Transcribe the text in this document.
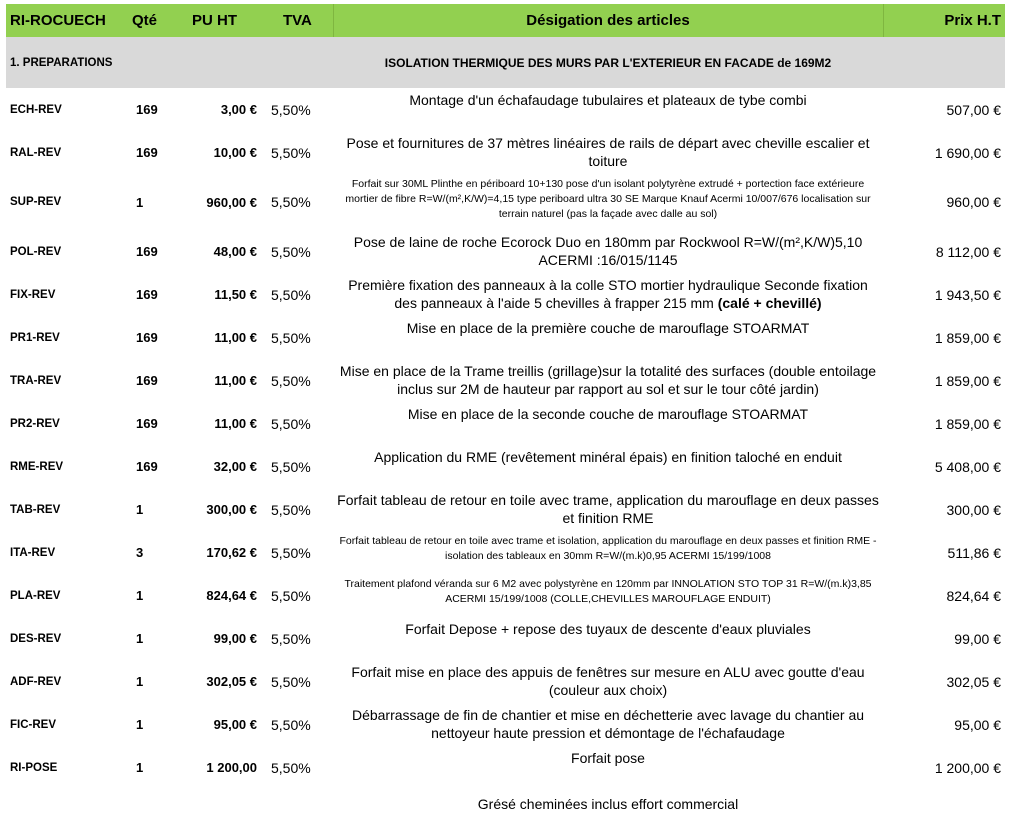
RI-ROCUECH	Qté	PU HT	TVA	Désigation des articles	Prix H.T
1. PREPARATIONS				ISOLATION THERMIQUE DES MURS PAR L'EXTERIEUR EN FACADE de 169M2	
ECH-REV	169	3,00 €	5,50%	Montage d'un échafaudage tubulaires et plateaux de tybe combi	507,00 €
RAL-REV	169	10,00 €	5,50%	Pose et fournitures de 37 mètres linéaires de rails de départ avec cheville escalier et toiture	1 690,00 €
SUP-REV	1	960,00 €	5,50%	Forfait sur 30ML Plinthe en périboard 10+130 pose d'un isolant polytyrène extrudé + portection face extérieure mortier de fibre R=W/(m²,K/W)=4,15 type periboard ultra 30 SE Marque Knauf Acermi 10/007/676 localisation sur terrain naturel (pas la façade avec dalle au sol)	960,00 €
POL-REV	169	48,00 €	5,50%	Pose de laine de roche Ecorock Duo en 180mm par Rockwool R=W/(m²,K/W)5,10 ACERMI :16/015/1145	8 112,00 €
FIX-REV	169	11,50 €	5,50%	Première fixation des panneaux à la colle STO mortier hydraulique Seconde fixation des panneaux à l'aide 5 chevilles à frapper 215 mm (calé + chevillé)	1 943,50 €
PR1-REV	169	11,00 €	5,50%	Mise en place de la première couche de marouflage STOARMAT	1 859,00 €
TRA-REV	169	11,00 €	5,50%	Mise en place de la Trame treillis (grillage)sur la totalité des surfaces (double entoilage inclus sur 2M de hauteur par rapport au sol et sur le tour côté jardin)	1 859,00 €
PR2-REV	169	11,00 €	5,50%	Mise en place de la seconde couche de marouflage STOARMAT	1 859,00 €
RME-REV	169	32,00 €	5,50%	Application du RME (revêtement minéral épais) en finition taloché en enduit	5 408,00 €
TAB-REV	1	300,00 €	5,50%	Forfait tableau de retour en toile avec trame, application du marouflage en deux passes et finition RME	300,00 €
ITA-REV	3	170,62 €	5,50%	Forfait tableau de retour en toile avec trame et isolation, application du marouflage en deux passes et finition RME - isolation des tableaux en 30mm R=W/(m.k)0,95 ACERMI 15/199/1008	511,86 €
PLA-REV	1	824,64 €	5,50%	Traitement plafond véranda sur 6 M2 avec polystyrène en 120mm par INNOLATION STO TOP 31 R=W/(m.k)3,85 ACERMI 15/199/1008 (COLLE,CHEVILLES MAROUFLAGE ENDUIT)	824,64 €
DES-REV	1	99,00 €	5,50%	Forfait Depose + repose des tuyaux de descente d'eaux pluviales	99,00 €
ADF-REV	1	302,05 €	5,50%	Forfait mise en place des appuis de fenêtres sur mesure en ALU avec goutte d'eau (couleur aux choix)	302,05 €
FIC-REV	1	95,00 €	5,50%	Débarrassage de fin de chantier et mise en déchetterie avec lavage du chantier au nettoyeur haute pression et démontage de l'échafaudage	95,00 €
RI-POSE	1	1 200,00	5,50%	Forfait pose	1 200,00 €
				Grésé cheminées inclus effort commercial	
